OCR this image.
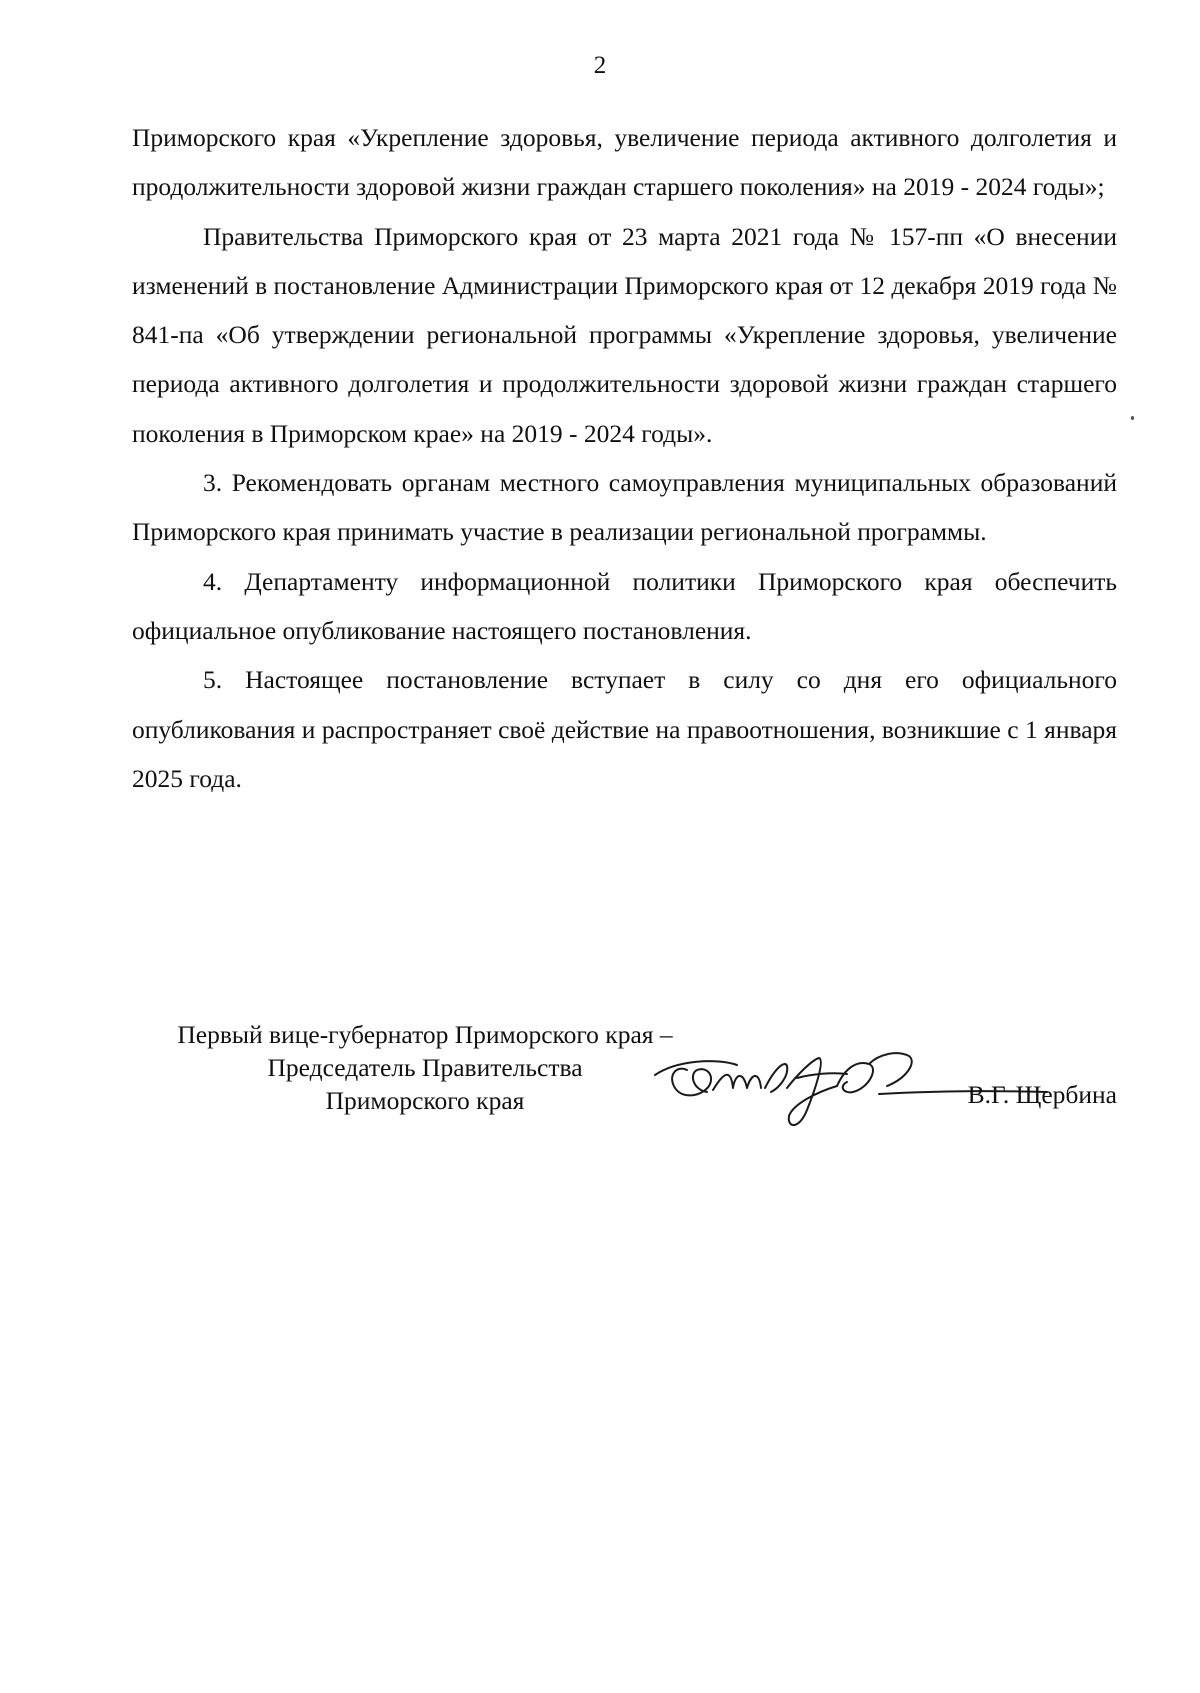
2

Приморского края «Укрепление здоровья, увеличение периода активного долголетия и продолжительности здоровой жизни граждан старшего поколения» на 2019 - 2024 годы»;

Правительства Приморского края от 23 марта 2021 года № 157-пп «О внесении изменений в постановление Администрации Приморского края от 12 декабря 2019 года № 841-па «Об утверждении региональной программы «Укрепление здоровья, увеличение периода активного долголетия и продолжительности здоровой жизни граждан старшего поколения в Приморском крае» на 2019 - 2024 годы».

3. Рекомендовать органам местного самоуправления муниципальных образований Приморского края принимать участие в реализации региональной программы.

4. Департаменту информационной политики Приморского края обеспечить официальное опубликование настоящего постановления.

5. Настоящее постановление вступает в силу со дня его официального опубликования и распространяет своё действие на правоотношения, возникшие с 1 января 2025 года.

Первый вице-губернатор Приморского края –
Председатель Правительства
Приморского края	В.Г. Щербина
